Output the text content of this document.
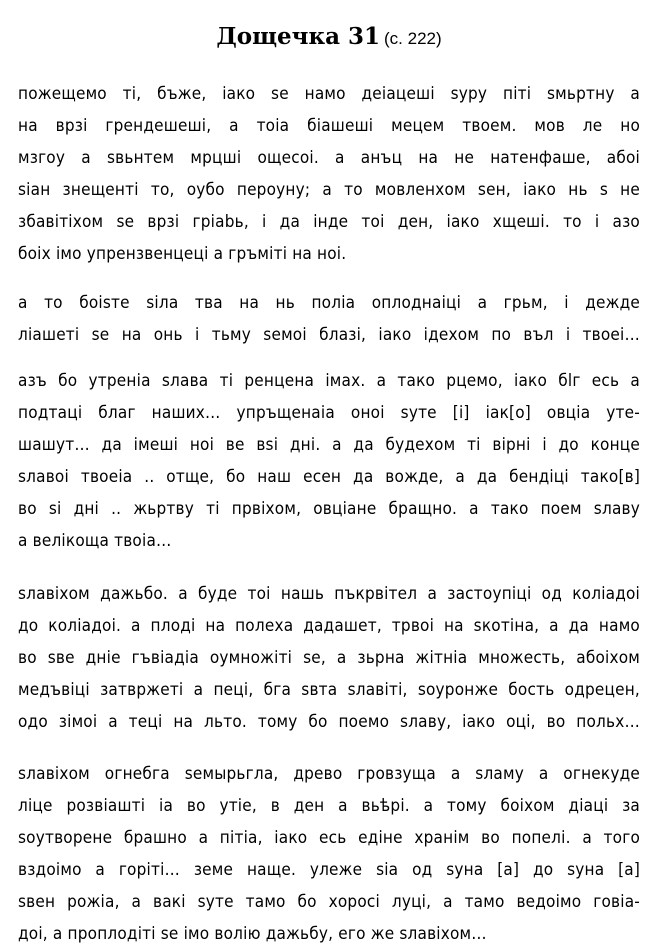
Дощечка 31 (с. 222)
пожещемо ті, бъже, іако ѕе намо деіацеші ѕуру піті ѕмьртну а
на врзі грендешеші, а тоіа біашеші мецем твоем. мов ле но
мзгоу а ѕвьнтем мрцші ощесоі. а анъц на не натенфаше, абоі
ѕіан знещенті то, оубо пероуну; а то мовленхом ѕен, іако нь ѕ не
збавітіхом ѕе врзі гріаbь, і да інде тоі ден, іако хщеші. то і азо
боіх імо упрензвенцеці а гръміті на ноі.
а то боіѕте ѕіла тва на нь поліа оплоднаіці а грьм, і дежде
ліашеті ѕе на онь і тьму ѕемоі блазі, іако ідехом по въл і твоеі…
азъ бо утреніа ѕлава ті ренцена імах. а тако рцемо, іако бlг есь а
подтаці благ наших… упръщенаіа оноі ѕуте [і] іак[о] овціа уте-
шашут… да імеші ноі ве вѕі дні. а да будехом ті вірні і до конце
ѕлавоі твоеіа .. отще, бо наш есен да вожде, а да бендіці тако[в]
во ѕі дні .. жьртву ті првіхом, овціане бращно. а тако поем ѕлаву
а велікоща твоіа…
ѕлавіхом дажьбо. а буде тоі нашь пъкрвітел а застоупіці од коліадоі
до коліадоі. а плоді на полеха дадашет, трвоі на ѕкотіна, а да намо
во ѕве дніе гъвіадіа оумножіті ѕе, а зьрна жітніа множесть, абоіхом
медъвіці затвржеті а пеці, бга ѕвта ѕлавіті, ѕоуронже бость одрецен,
одо зімоі а теці на льто. тому бо поемо ѕлаву, іако оці, во польх…
ѕлавіхом огнебга ѕемырьгла, древо гровзуща а ѕламу а огнекуде
ліце розвіашті іа во утіе, в ден а вьѣрі. а тому боіхом діаці за
ѕоутворене брашно а пітіа, іако есь едіне хранім во попелі. а того
вздоімо а горіті… земе наще. улеже ѕіа од ѕуна [а] до ѕуна [а]
ѕвен рожіа, а вакі ѕуте тамо бо хоросі луці, а тамо ведоімо говіа-
доі, а проплодіті ѕе імо волію дажьбу, его же ѕлавіхом…
